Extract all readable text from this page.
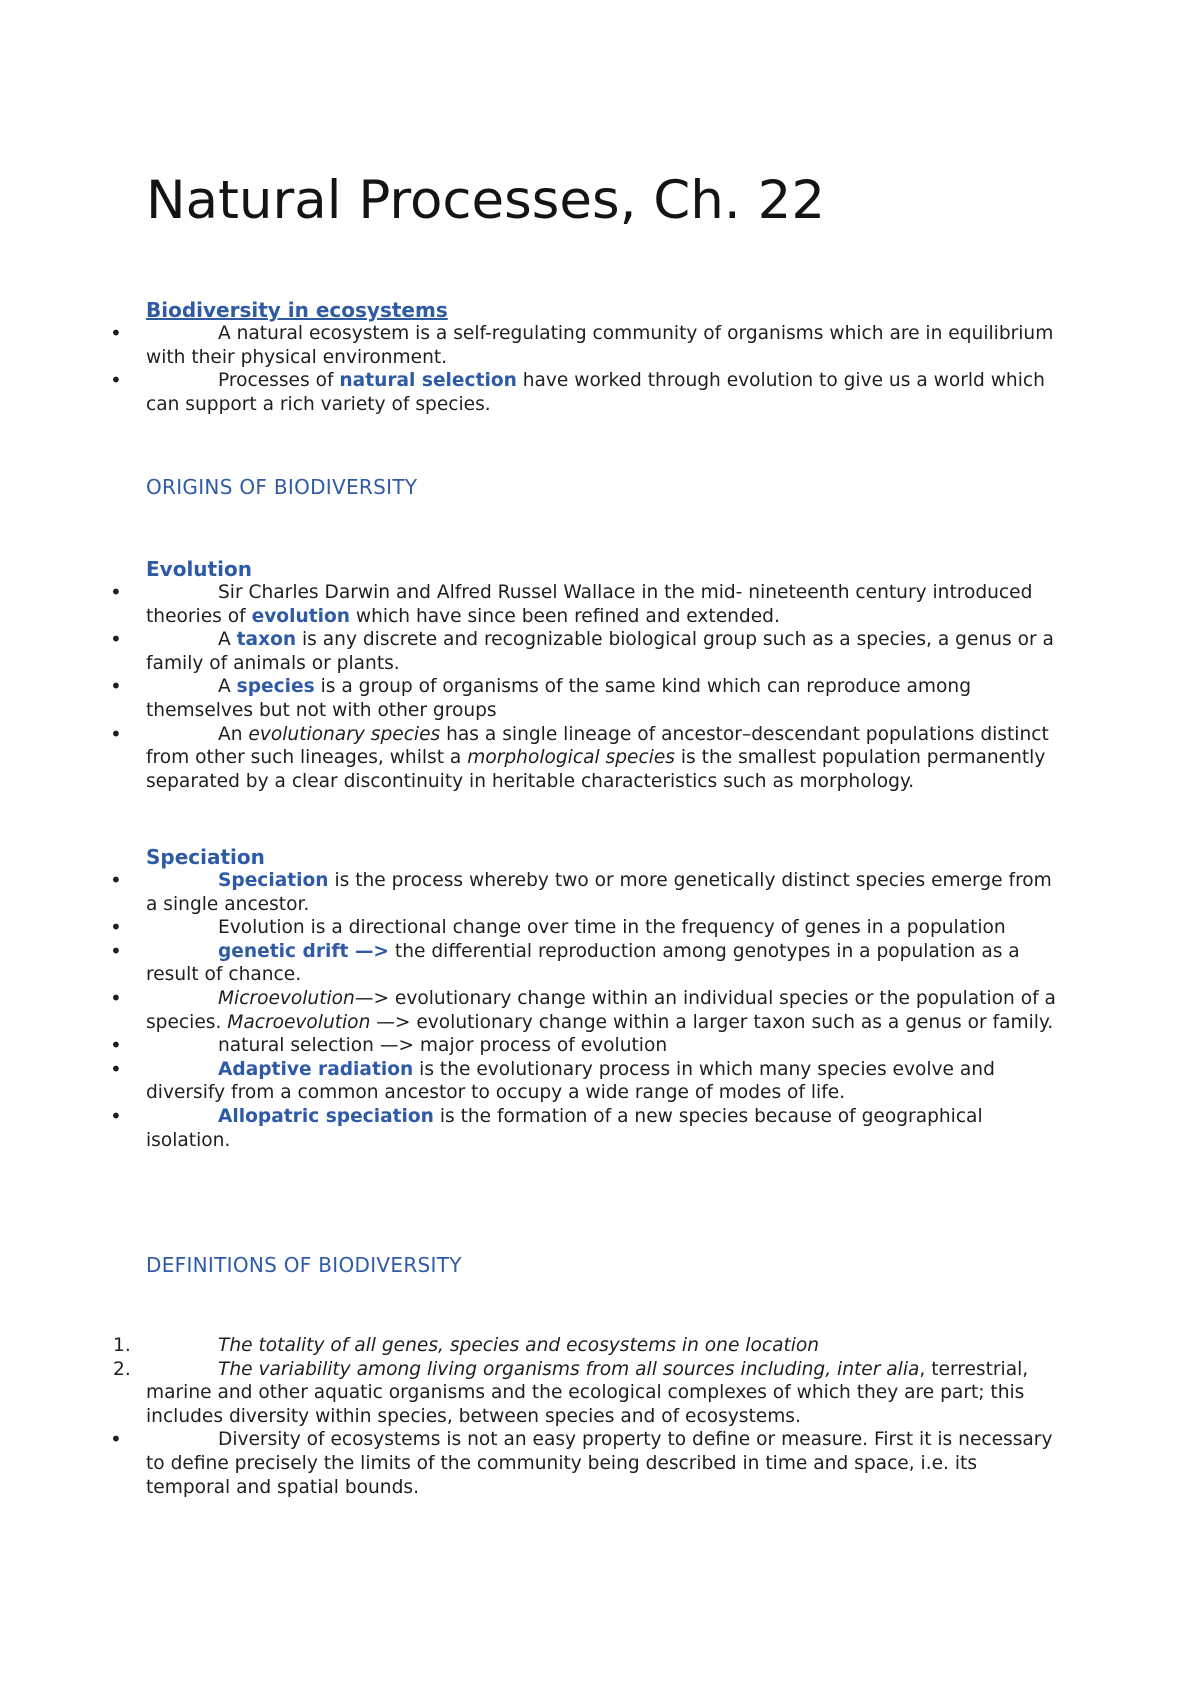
Natural Processes, Ch. 22
Biodiversity in ecosystems
•
A natural ecosystem is a self-regulating community of organisms which are in equilibrium with their physical environment.
•
Processes of natural selection have worked through evolution to give us a world which can support a rich variety of species.
ORIGINS OF BIODIVERSITY
Evolution
•
Sir Charles Darwin and Alfred Russel Wallace in the mid- nineteenth century introduced theories of evolution which have since been refined and extended.
•
A taxon is any discrete and recognizable biological group such as a species, a genus or a family of animals or plants.
•
A species is a group of organisms of the same kind which can reproduce among themselves but not with other groups
•
An evolutionary species has a single lineage of ancestor–descendant populations distinct from other such lineages, whilst a morphological species is the smallest population permanently separated by a clear discontinuity in heritable characteristics such as morphology.
Speciation
•
Speciation is the process whereby two or more genetically distinct species emerge from a single ancestor.
•
Evolution is a directional change over time in the frequency of genes in a population
•
genetic drift —> the differential reproduction among genotypes in a population as a result of chance.
•
Microevolution—> evolutionary change within an individual species or the population of a species. Macroevolution —> evolutionary change within a larger taxon such as a genus or family.
•
natural selection —> major process of evolution
•
Adaptive radiation is the evolutionary process in which many species evolve and diversify from a common ancestor to occupy a wide range of modes of life.
•
Allopatric speciation is the formation of a new species because of geographical isolation.
DEFINITIONS OF BIODIVERSITY
1.	The totality of all genes, species and ecosystems in one location
2.	The variability among living organisms from all sources including, inter alia, terrestrial, marine and other aquatic organisms and the ecological complexes of which they are part; this includes diversity within species, between species and of ecosystems.
•
Diversity of ecosystems is not an easy property to define or measure. First it is necessary to define precisely the limits of the community being described in time and space, i.e. its temporal and spatial bounds.
